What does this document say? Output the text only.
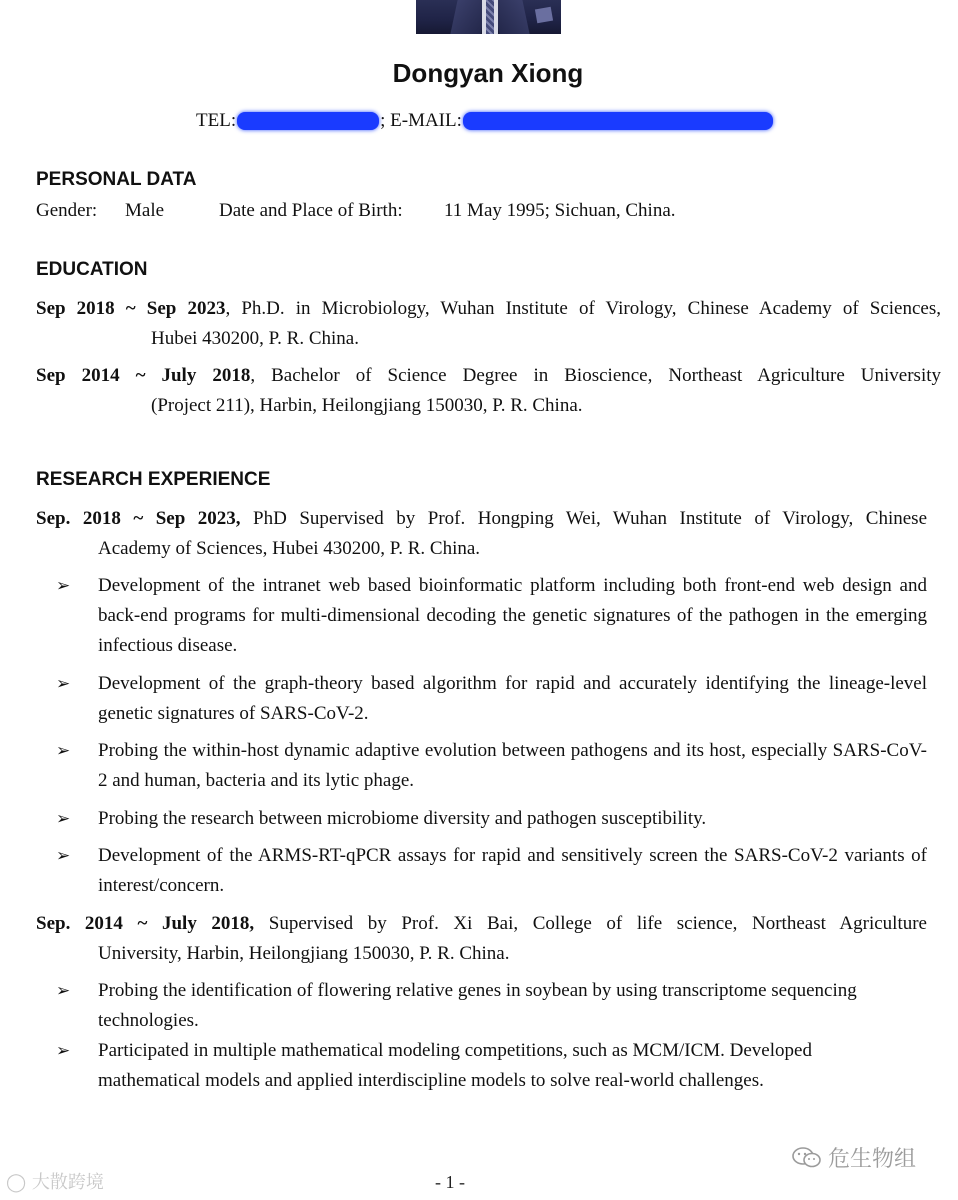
Dongyan Xiong
TEL:	; E-MAIL:
PERSONAL DATA
Gender: Male	Date and Place of Birth: 11 May 1995; Sichuan, China.
EDUCATION
Sep 2018 ~ Sep 2023, Ph.D. in Microbiology, Wuhan Institute of Virology, Chinese Academy of Sciences,
Hubei 430200, P. R. China.
Sep 2014 ~ July 2018, Bachelor of Science Degree in Bioscience, Northeast Agriculture University
(Project 211), Harbin, Heilongjiang 150030, P. R. China.
RESEARCH EXPERIENCE
Sep. 2018 ~ Sep 2023, PhD Supervised by Prof. Hongping Wei, Wuhan Institute of Virology, Chinese
Academy of Sciences, Hubei 430200, P. R. China.
➢ Development of the intranet web based bioinformatic platform including both front-end web design and back-end programs for multi-dimensional decoding the genetic signatures of the pathogen in the emerging infectious disease.
➢ Development of the graph-theory based algorithm for rapid and accurately identifying the lineage-level genetic signatures of SARS-CoV-2.
➢ Probing the within-host dynamic adaptive evolution between pathogens and its host, especially SARS-CoV-2 and human, bacteria and its lytic phage.
➢ Probing the research between microbiome diversity and pathogen susceptibility.
➢ Development of the ARMS-RT-qPCR assays for rapid and sensitively screen the SARS-CoV-2 variants of interest/concern.
Sep. 2014 ~ July 2018, Supervised by Prof. Xi Bai, College of life science, Northeast Agriculture
University, Harbin, Heilongjiang 150030, P. R. China.
➢ Probing the identification of flowering relative genes in soybean by using transcriptome sequencing technologies.
➢ Participated in multiple mathematical modeling competitions, such as MCM/ICM. Developed mathematical models and applied interdiscipline models to solve real-world challenges.
◯ 大散跨境
危生物组
- 1 -
